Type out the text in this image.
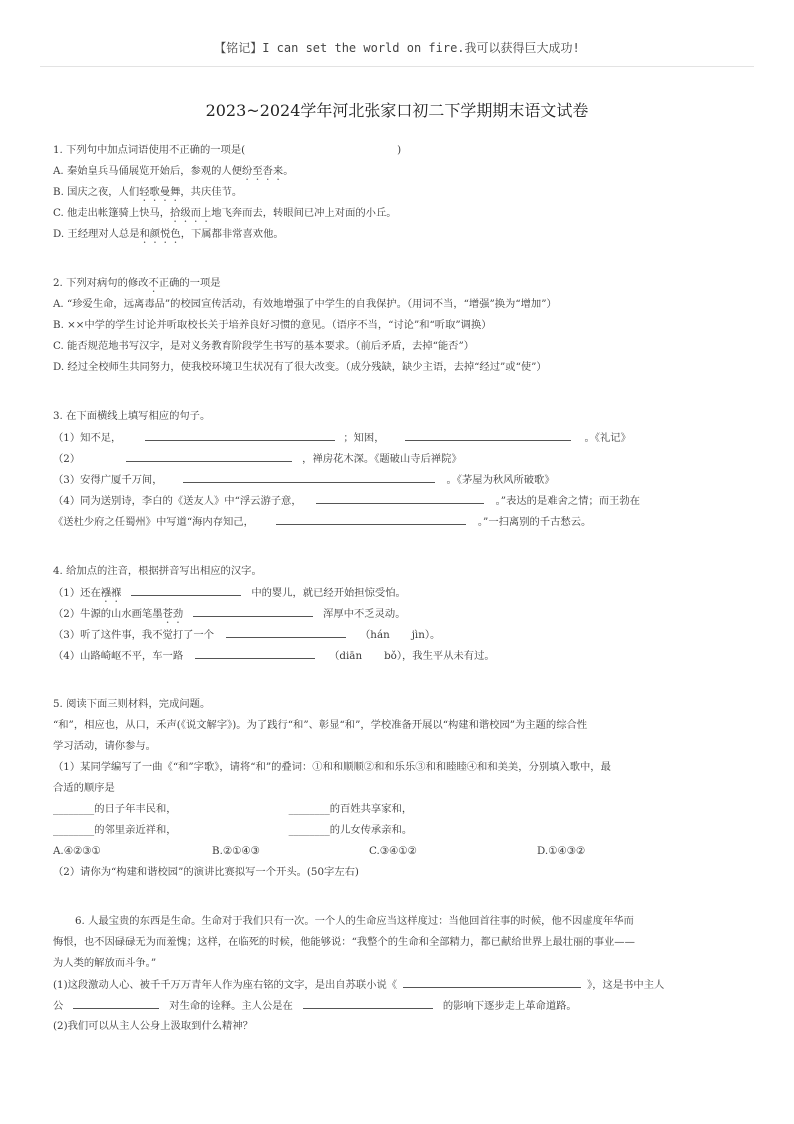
【铭记】I can set the world on fire.我可以获得巨大成功!
2023~2024学年河北张家口初二下学期期末语文试卷
1. 下列句中加点词语使用不正确的一项是(	)
A. 秦始皇兵马俑展览开始后，参观的人便纷至沓来。
B. 国庆之夜，人们轻歌曼舞，共庆佳节。
C. 他走出帐篷骑上快马，拾级而上地飞奔而去，转眼间已冲上对面的小丘。
D. 王经理对人总是和颜悦色，下属都非常喜欢他。
2. 下列对病句的修改不正确的一项是
A. “珍爱生命，远离毒品”的校园宣传活动，有效地增强了中学生的自我保护。（用词不当，“增强”换为“增加”）
B. ××中学的学生讨论并听取校长关于培养良好习惯的意见。（语序不当，“讨论”和“听取”调换）
C. 能否规范地书写汉字，是对义务教育阶段学生书写的基本要求。（前后矛盾，去掉“能否”）
D. 经过全校师生共同努力，使我校环境卫生状况有了很大改变。（成分残缺，缺少主语，去掉“经过”或“使”）
3. 在下面横线上填写相应的句子。
（1）知不足，	；知困，	。《礼记》
（2）	，禅房花木深。《题破山寺后禅院》
（3）安得广厦千万间，	。《茅屋为秋风所破歌》
（4）同为送别诗，李白的《送友人》中“浮云游子意，	。”表达的是难舍之情；而王勃在
《送杜少府之任蜀州》中写道“海内存知己，	。”一扫离别的千古愁云。
4. 给加点的注音，根据拼音写出相应的汉字。
（1）还在襁褓	中的婴儿，就已经开始担惊受怕。
（2）牛源的山水画笔墨苍劲	浑厚中不乏灵动。
（3）听了这件事，我不觉打了一个	（hán jìn）。
（4）山路崎岖不平，车一路	（diān bǒ），我生平从未有过。
5. 阅读下面三则材料，完成问题。
“和”，相应也，从口，禾声(《说文解字》)。为了践行“和”、彰显“和”，学校准备开展以“构建和谐校园”为主题的综合性
学习活动，请你参与。
（1）某同学编写了一曲《“和”字歌》，请将“和”的叠词：①和和顺顺②和和乐乐③和和睦睦④和和美美，分别填入歌中，最
合适的顺序是
________的日子年丰民和，	________的百姓共享家和，
________的邻里亲近祥和，	________的儿女传承亲和。
A.④②③①	B.②①④③	C.③④①②	D.①④③②
（2）请你为“构建和谐校园”的演讲比赛拟写一个开头。(50字左右)
6. 人最宝贵的东西是生命。生命对于我们只有一次。一个人的生命应当这样度过：当他回首往事的时候，他不因虚度年华而
悔恨，也不因碌碌无为而羞愧；这样，在临死的时候，他能够说：“我整个的生命和全部精力，都已献给世界上最壮丽的事业——
为人类的解放而斗争。”
(1)这段激动人心、被千千万万青年人作为座右铭的文字，是出自苏联小说《	》，这是书中主人
公	对生命的诠释。主人公是在	的影响下逐步走上革命道路。
(2)我们可以从主人公身上汲取到什么精神？
